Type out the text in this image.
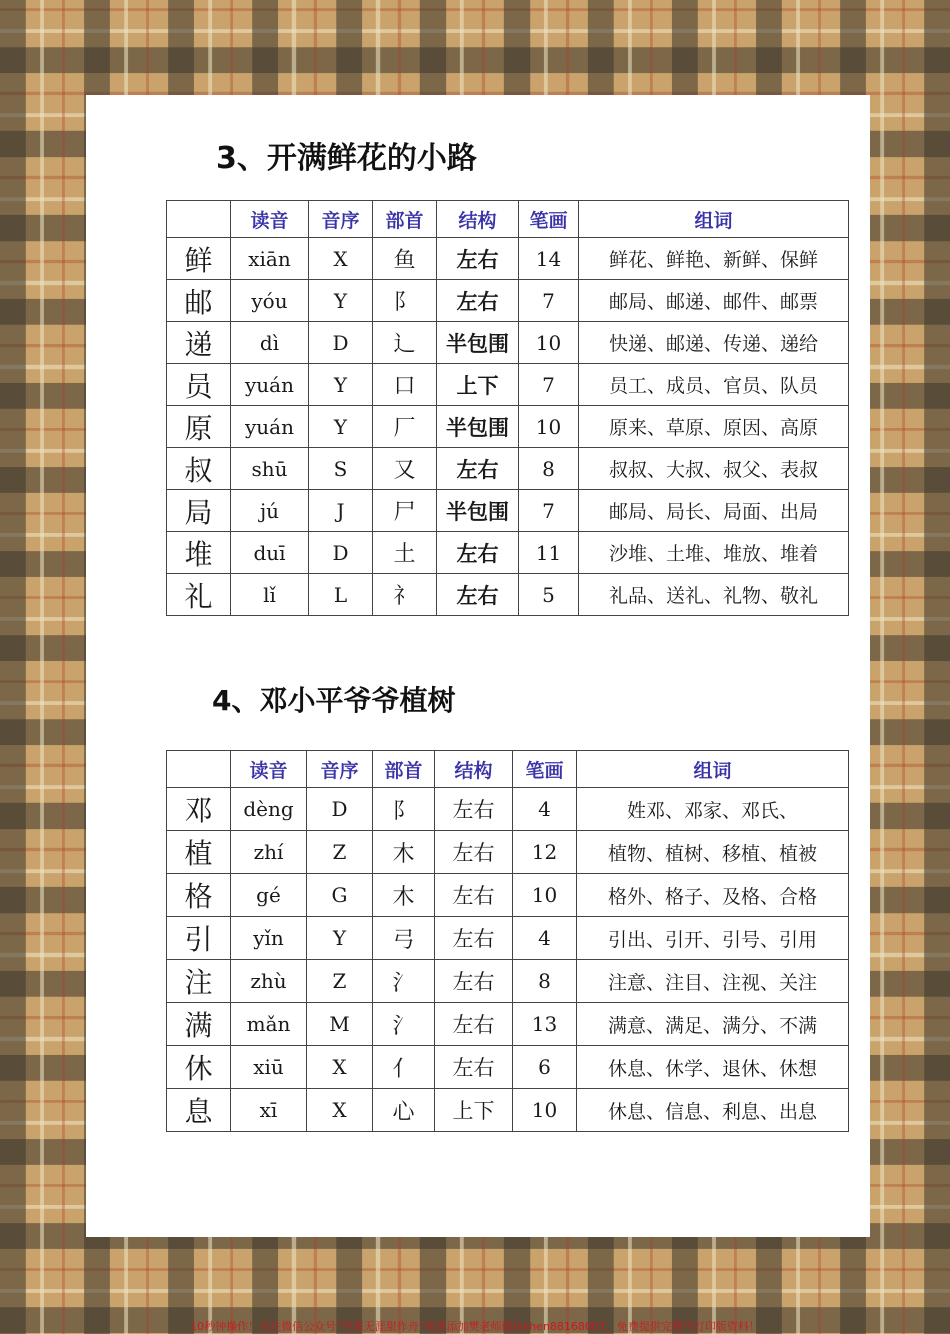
3、开满鲜花的小路
	读音	音序	部首	结构	笔画	组词
鲜	xiān	X	鱼	左右	14	鲜花、鲜艳、新鲜、保鲜
邮	yóu	Y	阝	左右	7	邮局、邮递、邮件、邮票
递	dì	D	辶	半包围	10	快递、邮递、传递、递给
员	yuán	Y	口	上下	7	员工、成员、官员、队员
原	yuán	Y	厂	半包围	10	原来、草原、原因、高原
叔	shū	S	又	左右	8	叔叔、大叔、叔父、表叔
局	jú	J	尸	半包围	7	邮局、局长、局面、出局
堆	duī	D	土	左右	11	沙堆、土堆、堆放、堆着
礼	lǐ	L	礻	左右	5	礼品、送礼、礼物、敬礼
4、邓小平爷爷植树
	读音	音序	部首	结构	笔画	组词
邓	dèng	D	阝	左右	4	姓邓、邓家、邓氏、
植	zhí	Z	木	左右	12	植物、植树、移植、植被
格	gé	G	木	左右	10	格外、格子、及格、合格
引	yǐn	Y	弓	左右	4	引出、引开、引号、引用
注	zhù	Z	氵	左右	8	注意、注目、注视、关注
满	mǎn	M	氵	左右	13	满意、满足、满分、不满
休	xiū	X	亻	左右	6	休息、休学、退休、休想
息	xī	X	心	上下	10	休息、信息、利息、出息
10秒钟操作！关注微信公众号“学海无涯甜作舟”或者添加樊老师微信shen88168007，免费提供完整可打印版资料！
